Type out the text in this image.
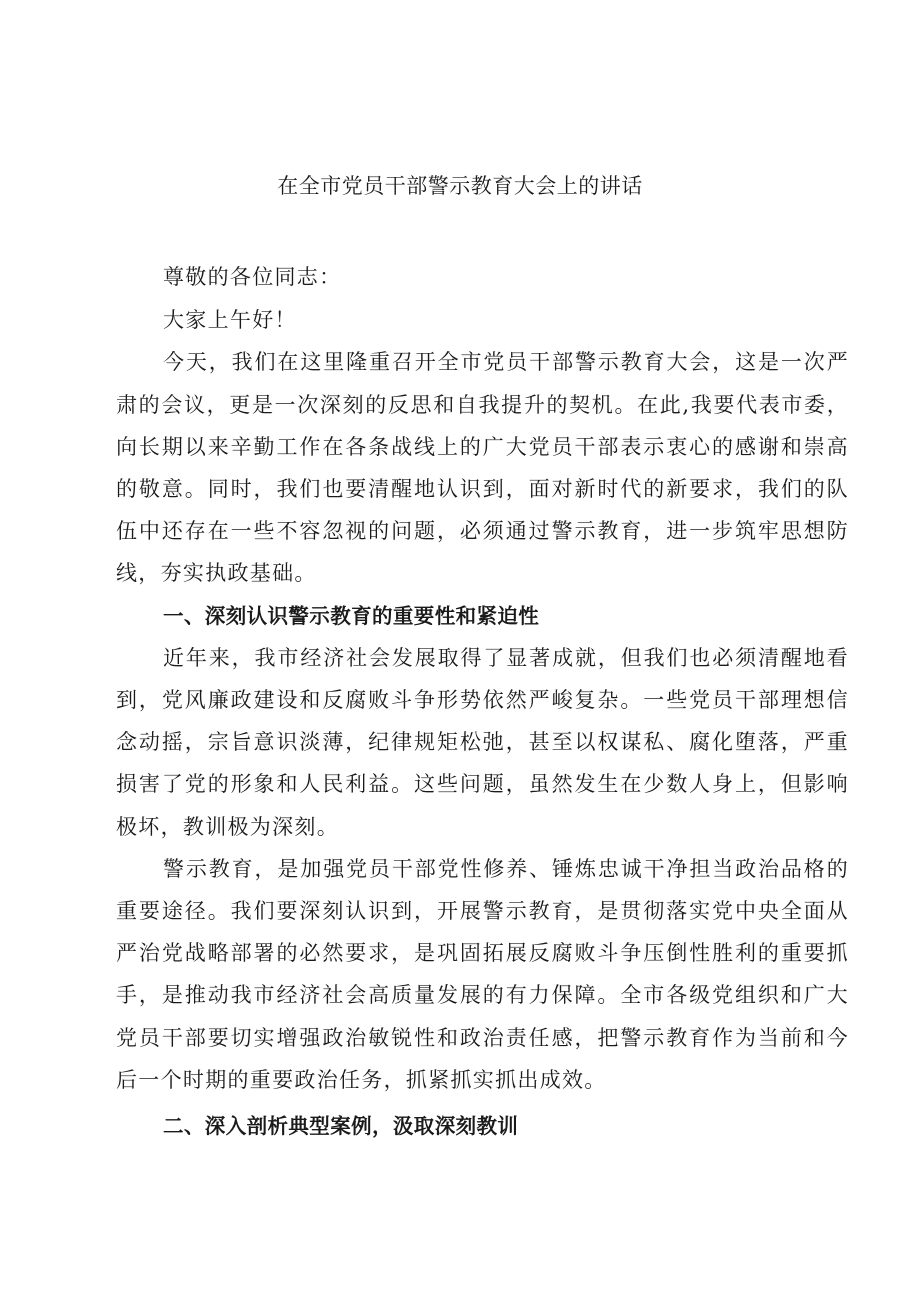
在全市党员干部警示教育大会上的讲话

尊敬的各位同志：

大家上午好！

今天，我们在这里隆重召开全市党员干部警示教育大会，这是一次严肃的会议，更是一次深刻的反思和自我提升的契机。在此,我要代表市委，向长期以来辛勤工作在各条战线上的广大党员干部表示衷心的感谢和崇高的敬意。同时，我们也要清醒地认识到，面对新时代的新要求，我们的队伍中还存在一些不容忽视的问题，必须通过警示教育，进一步筑牢思想防线，夯实执政基础。

一、深刻认识警示教育的重要性和紧迫性

近年来，我市经济社会发展取得了显著成就，但我们也必须清醒地看到，党风廉政建设和反腐败斗争形势依然严峻复杂。一些党员干部理想信念动摇，宗旨意识淡薄，纪律规矩松弛，甚至以权谋私、腐化堕落，严重损害了党的形象和人民利益。这些问题，虽然发生在少数人身上，但影响极坏，教训极为深刻。

警示教育，是加强党员干部党性修养、锤炼忠诚干净担当政治品格的重要途径。我们要深刻认识到，开展警示教育，是贯彻落实党中央全面从严治党战略部署的必然要求，是巩固拓展反腐败斗争压倒性胜利的重要抓手，是推动我市经济社会高质量发展的有力保障。全市各级党组织和广大党员干部要切实增强政治敏锐性和政治责任感，把警示教育作为当前和今后一个时期的重要政治任务，抓紧抓实抓出成效。

二、深入剖析典型案例，汲取深刻教训
